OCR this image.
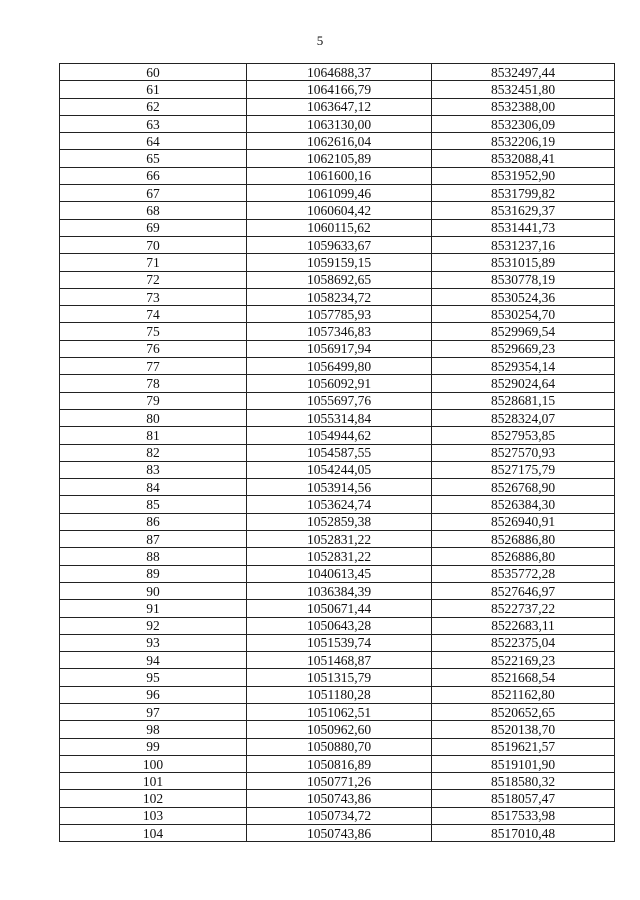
5
60	1064688,37	8532497,44
61	1064166,79	8532451,80
62	1063647,12	8532388,00
63	1063130,00	8532306,09
64	1062616,04	8532206,19
65	1062105,89	8532088,41
66	1061600,16	8531952,90
67	1061099,46	8531799,82
68	1060604,42	8531629,37
69	1060115,62	8531441,73
70	1059633,67	8531237,16
71	1059159,15	8531015,89
72	1058692,65	8530778,19
73	1058234,72	8530524,36
74	1057785,93	8530254,70
75	1057346,83	8529969,54
76	1056917,94	8529669,23
77	1056499,80	8529354,14
78	1056092,91	8529024,64
79	1055697,76	8528681,15
80	1055314,84	8528324,07
81	1054944,62	8527953,85
82	1054587,55	8527570,93
83	1054244,05	8527175,79
84	1053914,56	8526768,90
85	1053624,74	8526384,30
86	1052859,38	8526940,91
87	1052831,22	8526886,80
88	1052831,22	8526886,80
89	1040613,45	8535772,28
90	1036384,39	8527646,97
91	1050671,44	8522737,22
92	1050643,28	8522683,11
93	1051539,74	8522375,04
94	1051468,87	8522169,23
95	1051315,79	8521668,54
96	1051180,28	8521162,80
97	1051062,51	8520652,65
98	1050962,60	8520138,70
99	1050880,70	8519621,57
100	1050816,89	8519101,90
101	1050771,26	8518580,32
102	1050743,86	8518057,47
103	1050734,72	8517533,98
104	1050743,86	8517010,48
